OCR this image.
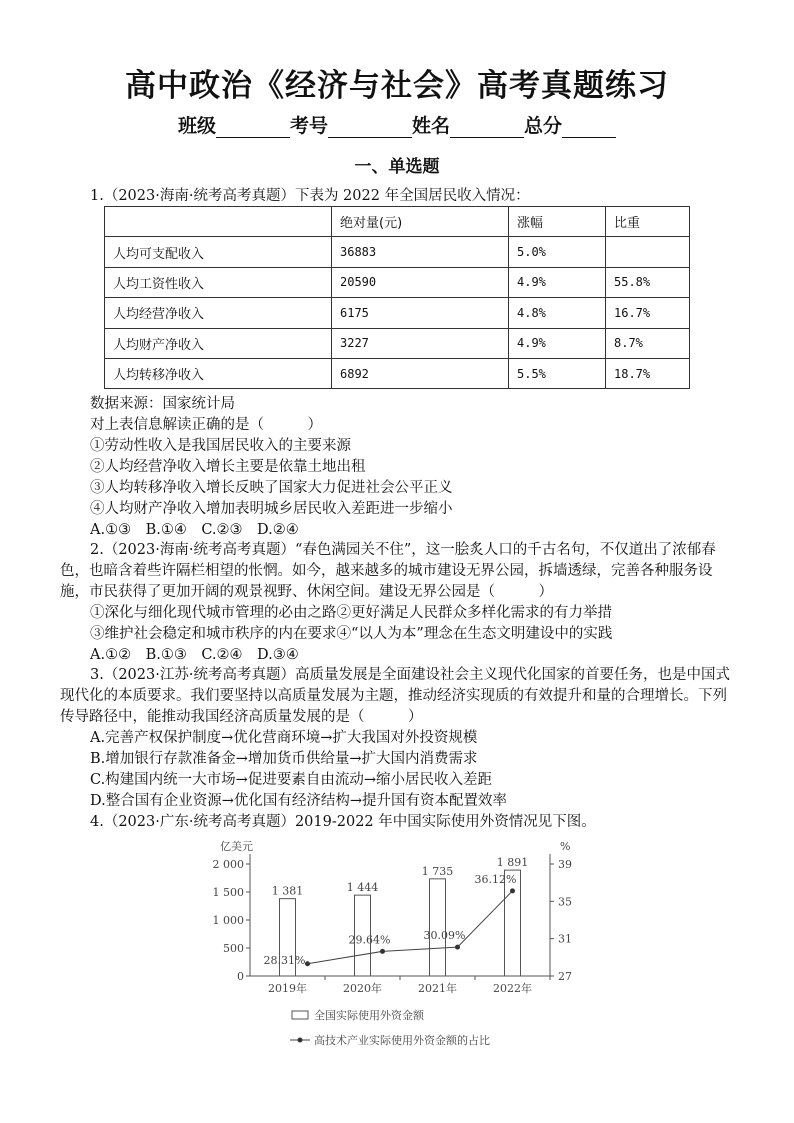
高中政治《经济与社会》高考真题练习
班级	考号	姓名	总分
一、单选题
1.（2023·海南·统考高考真题）下表为 2022 年全国居民收入情况：
	绝对量(元)	涨幅	比重
人均可支配收入	36883	5.0%	
人均工资性收入	20590	4.9%	55.8%
人均经营净收入	6175	4.8%	16.7%
人均财产净收入	3227	4.9%	8.7%
人均转移净收入	6892	5.5%	18.7%
数据来源：国家统计局
对上表信息解读正确的是（　　　）
①劳动性收入是我国居民收入的主要来源
②人均经营净收入增长主要是依靠土地出租
③人均转移净收入增长反映了国家大力促进社会公平正义
④人均财产净收入增加表明城乡居民收入差距进一步缩小
A.①③　B.①④　C.②③　D.②④
2.（2023·海南·统考高考真题）“春色满园关不住”，这一脍炙人口的千古名句，不仅道出了浓郁春色，也暗含着些许隔栏相望的怅惘。如今，越来越多的城市建设无界公园，拆墙透绿，完善各种服务设施，市民获得了更加开阔的观景视野、休闲空间。建设无界公园是（　　　）
①深化与细化现代城市管理的必由之路②更好满足人民群众多样化需求的有力举措
③维护社会稳定和城市秩序的内在要求④“以人为本”理念在生态文明建设中的实践
A.①②　B.①③　C.②④　D.③④
3.（2023·江苏·统考高考真题）高质量发展是全面建设社会主义现代化国家的首要任务，也是中国式现代化的本质要求。我们要坚持以高质量发展为主题，推动经济实现质的有效提升和量的合理增长。下列传导路径中，能推动我国经济高质量发展的是（　　　）
A.完善产权保护制度→优化营商环境→扩大我国对外投资规模
B.增加银行存款准备金→增加货币供给量→扩大国内消费需求
C.构建国内统一大市场→促进要素自由流动→缩小居民收入差距
D.整合国有企业资源→优化国有经济结构→提升国有资本配置效率
4.（2023·广东·统考高考真题）2019-2022 年中国实际使用外资情况见下图。
亿美元	%
0
500
1 000
1 500
2 000
27
31
35
39
1 381	1 444
1 735
1 891
2019年	2020年	2021年	2022年
28.31%
29.64%	30.09%
36.12%
全国实际使用外资金额
高技术产业实际使用外资金额的占比
